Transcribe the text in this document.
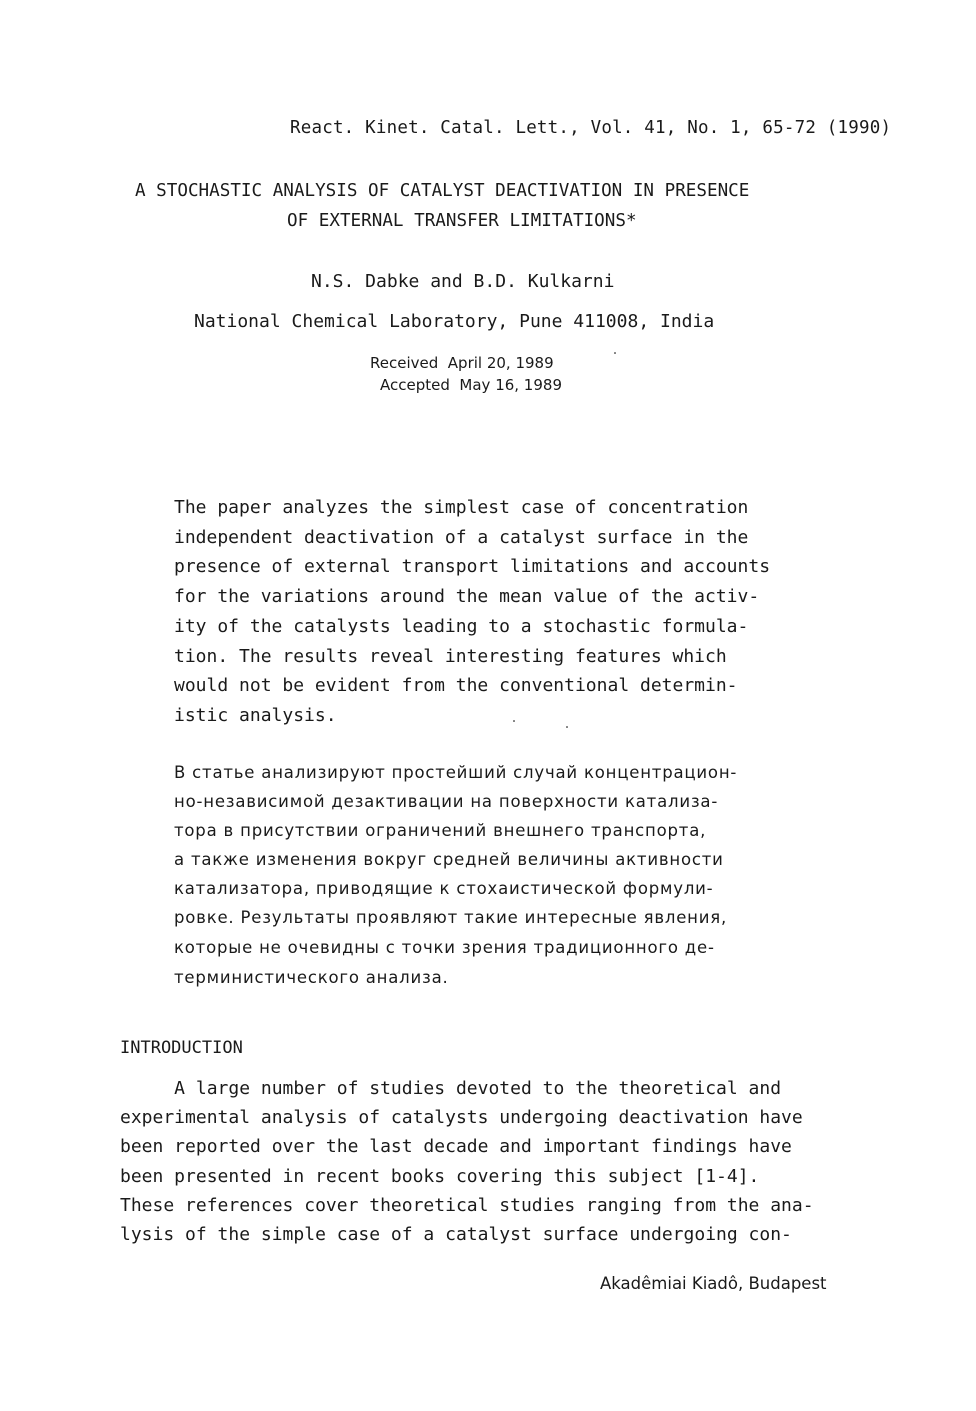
React. Kinet. Catal. Lett., Vol. 41, No. 1, 65-72 (1990)
A STOCHASTIC ANALYSIS OF CATALYST DEACTIVATION IN PRESENCE
OF EXTERNAL TRANSFER LIMITATIONS*
N.S. Dabke and B.D. Kulkarni
National Chemical Laboratory, Pune 411008, India
Received  April 20, 1989
Accepted  May 16, 1989
The paper analyzes the simplest case of concentration
independent deactivation of a catalyst surface in the
presence of external transport limitations and accounts
for the variations around the mean value of the activ-
ity of the catalysts leading to a stochastic formula-
tion. The results reveal interesting features which
would not be evident from the conventional determin-
istic analysis.
В статье анализируют простейший случай концентрацион-
но-независимой дезактивации на поверхности катализа-
тора в присутствии ограничений внешнего транспорта,
а также изменения вокруг средней величины активности
катализатора, приводящие к стохаистической формули-
ровке. Результаты проявляют такие интересные явления,
которые не очевидны с точки зрения традиционного де-
терминистического анализа.
INTRODUCTION
A large number of studies devoted to the theoretical and
experimental analysis of catalysts undergoing deactivation have
been reported over the last decade and important findings have
been presented in recent books covering this subject [1-4].
These references cover theoretical studies ranging from the ana-
lysis of the simple case of a catalyst surface undergoing con-
Akadêmiai Kiadô, Budapest
